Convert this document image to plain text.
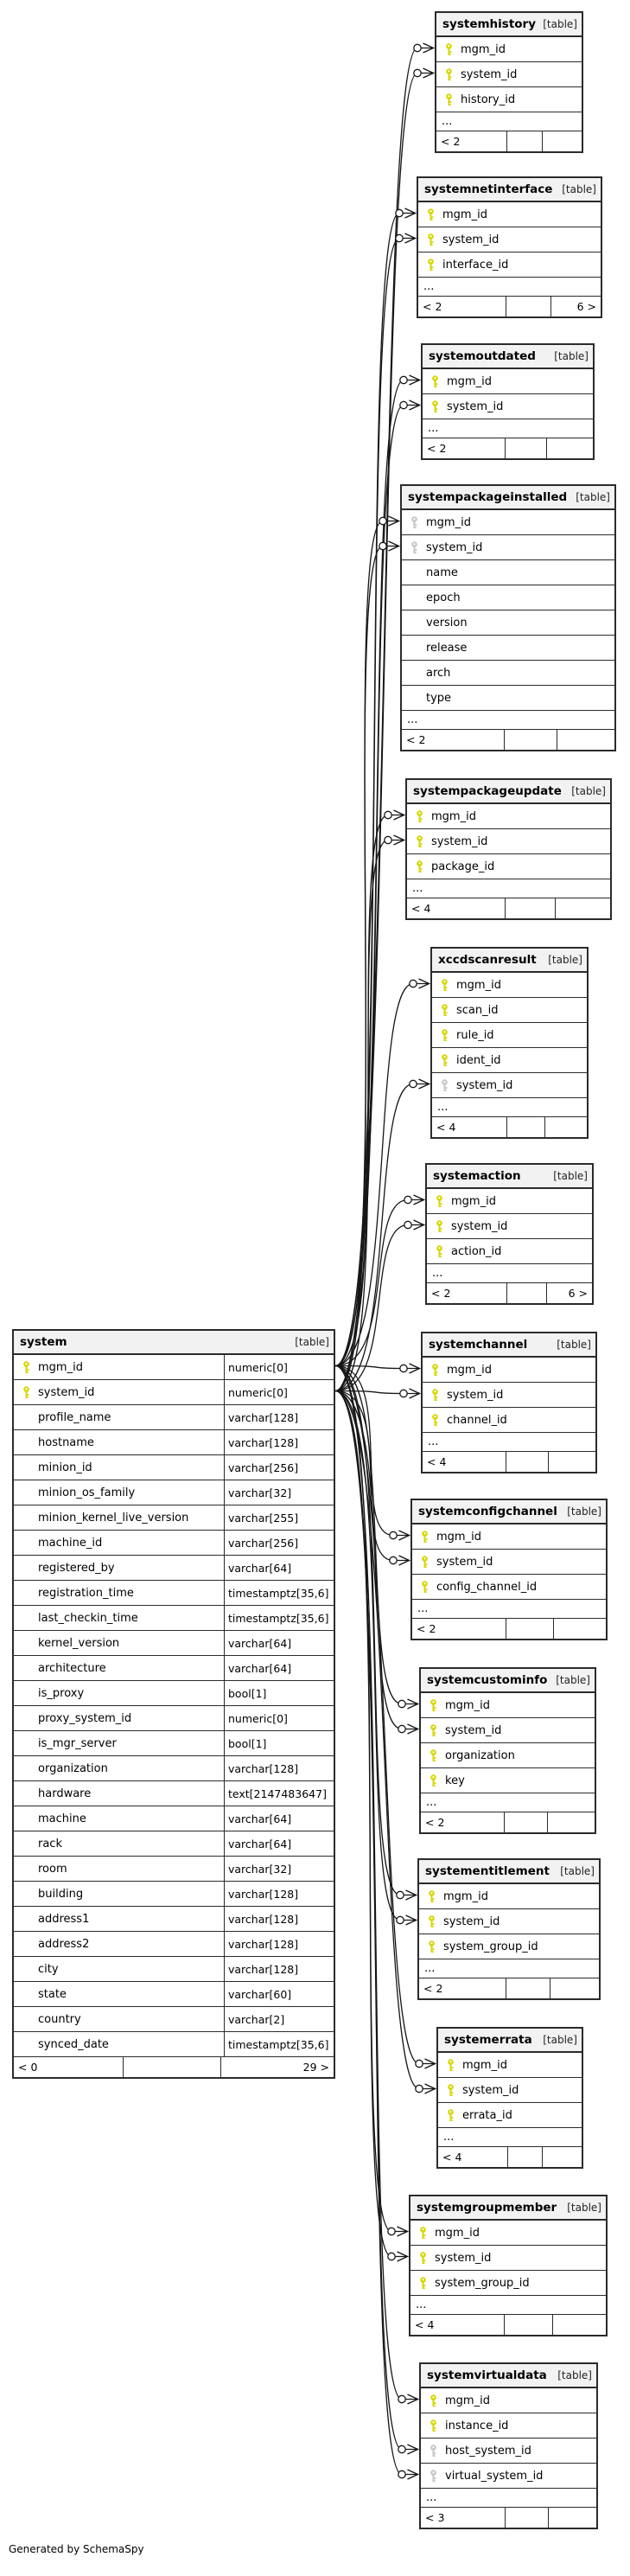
system	[table]
mgm_id	numeric[0]
system_id	numeric[0]
profile_name	varchar[128]
hostname	varchar[128]
minion_id	varchar[256]
minion_os_family	varchar[32]
minion_kernel_live_version	varchar[255]
machine_id	varchar[256]
registered_by	varchar[64]
registration_time	timestamptz[35,6]
last_checkin_time	timestamptz[35,6]
kernel_version	varchar[64]
architecture	varchar[64]
is_proxy	bool[1]
proxy_system_id	numeric[0]
is_mgr_server	bool[1]
organization	varchar[128]
hardware	text[2147483647]
machine	varchar[64]
rack	varchar[64]
room	varchar[32]
building	varchar[128]
address1	varchar[128]
address2	varchar[128]
city	varchar[128]
state	varchar[60]
country	varchar[2]
synced_date	timestamptz[35,6]
< 0	29 >
systemhistory [table]
mgm_id
system_id
history_id
...
< 2
systemnetinterface [table]
mgm_id
system_id
interface_id
...
< 2	6 >
systemoutdated [table]
mgm_id
system_id
...
< 2
systempackageinstalled [table]
mgm_id
system_id
name
epoch
version
release
arch
type
...
< 2
systempackageupdate [table]
mgm_id
system_id
package_id
...
< 4
xccdscanresult [table]
mgm_id
scan_id
rule_id
ident_id
system_id
...
< 4
systemaction	[table]
mgm_id
system_id
action_id
...
< 2	6 >
systemchannel	[table]
mgm_id
system_id
channel_id
...
< 4
systemconfigchannel [table]
mgm_id
system_id
config_channel_id
...
< 2
systemcustominfo [table]
mgm_id
system_id
organization
key
...
< 2
systementitlement [table]
mgm_id
system_id
system_group_id
...
< 2
systemerrata [table]
mgm_id
system_id
errata_id
...
< 4
systemgroupmember [table]
mgm_id
system_id
system_group_id
...
< 4
systemvirtualdata [table]
mgm_id
instance_id
host_system_id
virtual_system_id
...
< 3
Generated by SchemaSpy
